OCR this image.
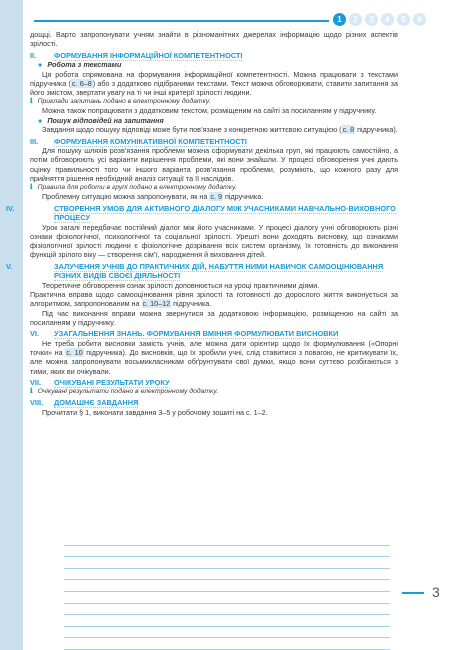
1	2	3	4	5	6

дощці. Варто запропонувати учням знайти в різноманітних джерелах інформацію щодо різних аспектів зрілості.

II. ФОРМУВАННЯ ІНФОРМАЦІЙНОЇ КОМПЕТЕНТНОСТІ
● Робота з текстами

Ця робота спрямована на формування інформаційної компетентності. Можна працювати з текстами підручника (с. 6–8) або з додатково підібраними текстами. Текст можна обговорювати, ставити запитання за його змістом, звертати увагу на ті чи інші критерії зрілості людини.

ℹ Приклади запитань подано в електронному додатку.

Можна також попрацювати з додатковим текстом, розміщеним на сайті за посиланням у підручнику.

● Пошук відповідей на запитання

Завдання щодо пошуку відповіді може бути пов’язане з конкретною життєвою ситуацією (с. 8 підручника).

III. ФОРМУВАННЯ КОМУНІКАТИВНОЇ КОМПЕТЕНТНОСТІ

Для пошуку шляхів розв’язання проблеми можна сформувати декілька груп, які працюють самостійно, а потім обговорюють усі варіанти вирішення проблеми, які вони знайшли. У процесі обговорення учні дають оцінку правильності того чи іншого варіанта розв’язання проблеми, розуміють, що кожного разу для прийняття рішення необхідний аналіз ситуації та її наслідків.

ℹ Правила для роботи в групі подано в електронному додатку.

Проблемну ситуацію можна запропонувати, як на с. 9 підручника.

IV.	СТВОРЕННЯ УМОВ ДЛЯ АКТИВНОГО ДІАЛОГУ МІЖ УЧАСНИКАМИ НАВЧАЛЬНО-ВИХОВНОГО ПРОЦЕСУ

Урок загалі передбачає постійний діалог між його учасниками. У процесі діалогу учні обговорюють різні ознаки фізіологічної, психологічної та соціальної зрілості. Урешті вони доходять висновку, що ознаками фізіологічної зрілості людини є фізіологічне дозрівання всіх систем організму, їх готовність до виконання функцій зрілого віку — створення сім’ї, народження й виховання дітей.

V.	ЗАЛУЧЕННЯ УЧНІВ ДО ПРАКТИЧНИХ ДІЙ, НАБУТТЯ НИМИ НАВИЧОК САМООЦІНЮВАННЯ РІЗНИХ ВИДІВ СВОЄЇ ДІЯЛЬНОСТІ

Теоретичне обговорення ознак зрілості доповнюється на уроці практичними діями.

Практична вправа щодо самооцінювання рівня зрілості та готовності до дорослого життя виконується за алгоритмом, запропонованим на с. 10–12 підручника.

Під час виконання вправи можна звернутися за додатковою інформацією, розміщеною на сайті за посиланням у підручнику.

VI. УЗАГАЛЬНЕННЯ ЗНАНЬ. ФОРМУВАННЯ ВМІННЯ ФОРМУЛЮВАТИ ВИСНОВКИ

Не треба робити висновки замість учнів, але можна дати орієнтир щодо їх формулювання («Опорні точки» на с. 10 підручника). До висновків, що їх зробили учні, слід ставитися з повагою, не критикувати їх, але можна запропонувати восьмикласникам обґрунтувати свої думки, якщо вони суттєво розбігаються з тими, яких ви очікували.

VII. ОЧІКУВАНІ РЕЗУЛЬТАТИ УРОКУ
ℹ Очікувані результати подано в електронному додатку.
VIII. ДОМАШНЄ ЗАВДАННЯ

Прочитати § 1, виконати завдання 3–5 у робочому зошиті на с. 1–2.

3
